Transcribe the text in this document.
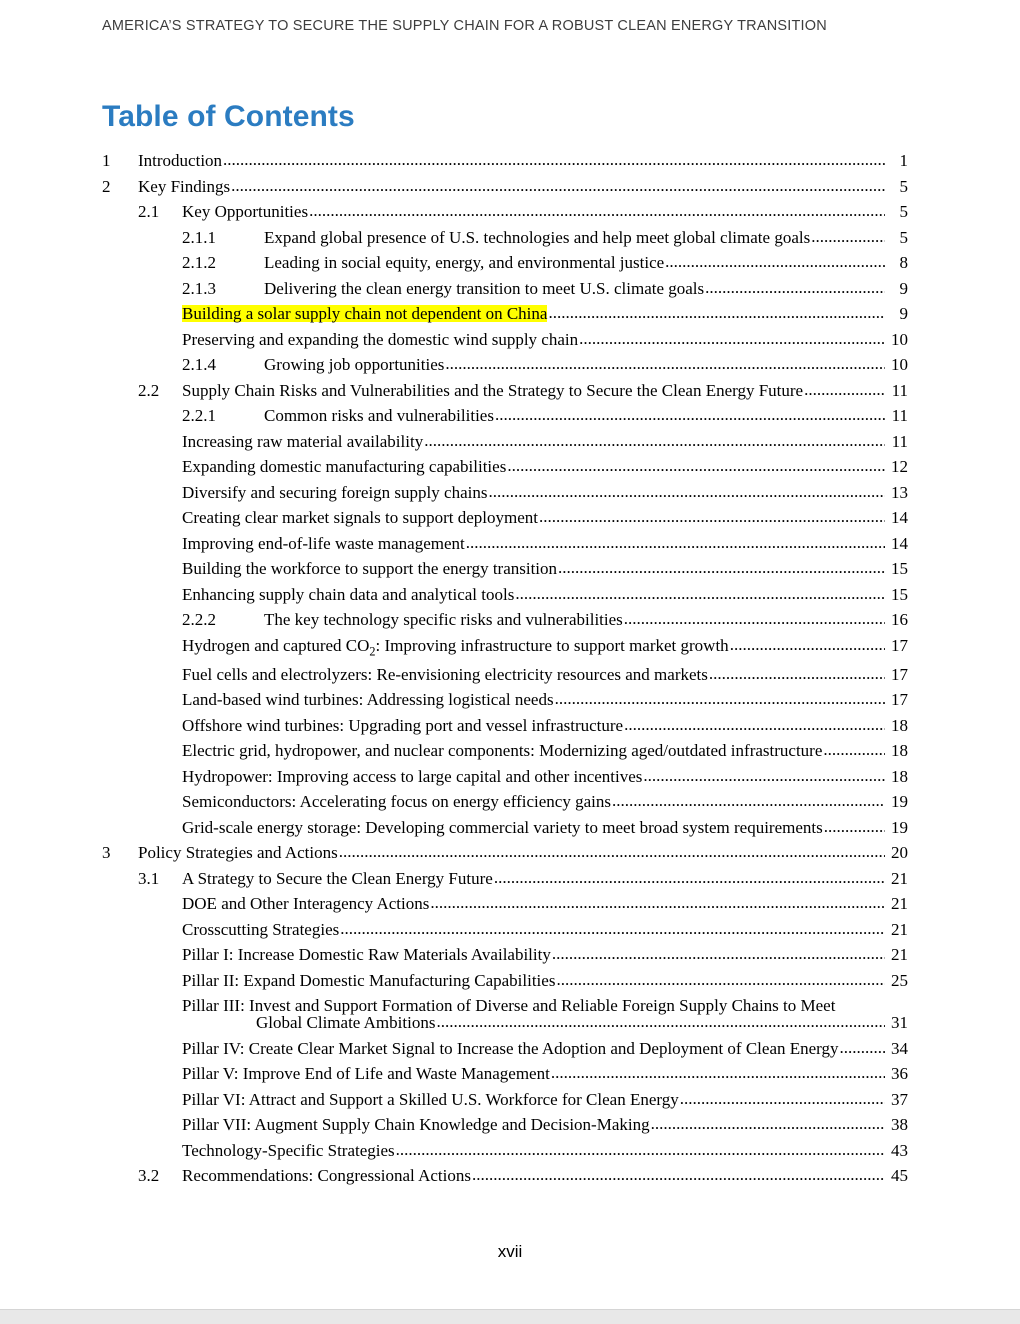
AMERICA’S STRATEGY TO SECURE THE SUPPLY CHAIN FOR A ROBUST CLEAN ENERGY TRANSITION
Table of Contents
1	Introduction .....	1
2	Key Findings .....	5
2.1	Key Opportunities .....	5
2.1.1	Expand global presence of U.S. technologies and help meet global climate goals .....	5
2.1.2	Leading in social equity, energy, and environmental justice .....	8
2.1.3	Delivering the clean energy transition to meet U.S. climate goals .....	9
Building a solar supply chain not dependent on China .....	9
Preserving and expanding the domestic wind supply chain .....	10
2.1.4	Growing job opportunities .....	10
2.2	Supply Chain Risks and Vulnerabilities and the Strategy to Secure the Clean Energy Future .....	11
2.2.1	Common risks and vulnerabilities .....	11
Increasing raw material availability .....	11
Expanding domestic manufacturing capabilities .....	12
Diversify and securing foreign supply chains .....	13
Creating clear market signals to support deployment .....	14
Improving end-of-life waste management .....	14
Building the workforce to support the energy transition .....	15
Enhancing supply chain data and analytical tools .....	15
2.2.2	The key technology specific risks and vulnerabilities .....	16
Hydrogen and captured $CO_2$: Improving infrastructure to support market growth .....	17
Fuel cells and electrolyzers: Re-envisioning electricity resources and markets .....	17
Land-based wind turbines: Addressing logistical needs .....	17
Offshore wind turbines: Upgrading port and vessel infrastructure .....	18
Electric grid, hydropower, and nuclear components: Modernizing aged/outdated infrastructure .....	18
Hydropower: Improving access to large capital and other incentives .....	18
Semiconductors: Accelerating focus on energy efficiency gains .....	19
Grid-scale energy storage: Developing commercial variety to meet broad system requirements .....	19
3	Policy Strategies and Actions .....	20
3.1	A Strategy to Secure the Clean Energy Future .....	21
DOE and Other Interagency Actions .....	21
Crosscutting Strategies .....	21
Pillar I: Increase Domestic Raw Materials Availability .....	21
Pillar II: Expand Domestic Manufacturing Capabilities .....	25
Pillar III: Invest and Support Formation of Diverse and Reliable Foreign Supply Chains to Meet
Global Climate Ambitions .....	31
Pillar IV: Create Clear Market Signal to Increase the Adoption and Deployment of Clean Energy .....	34
Pillar V: Improve End of Life and Waste Management .....	36
Pillar VI: Attract and Support a Skilled U.S. Workforce for Clean Energy .....	37
Pillar VII: Augment Supply Chain Knowledge and Decision-Making .....	38
Technology-Specific Strategies .....	43
3.2	Recommendations: Congressional Actions .....	45
xvii
